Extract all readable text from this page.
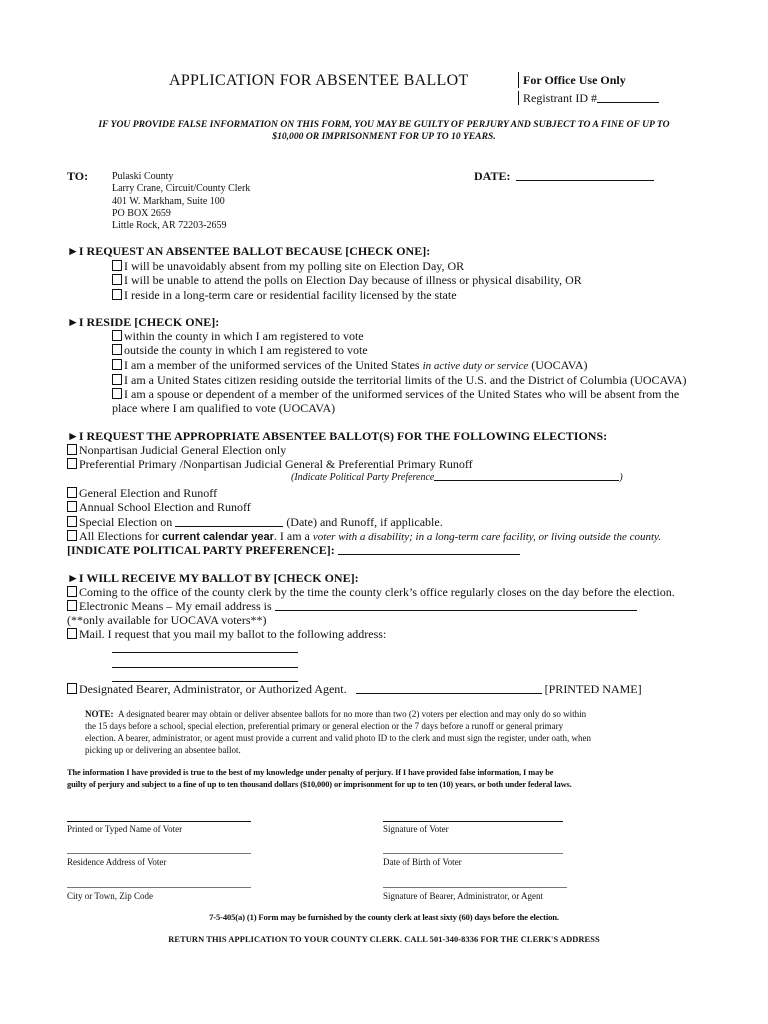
APPLICATION FOR ABSENTEE BALLOT	For Office Use Only
Registrant ID #
IF YOU PROVIDE FALSE INFORMATION ON THIS FORM, YOU MAY BE GUILTY OF PERJURY AND SUBJECT TO A FINE OF UP TO
$10,000 OR IMPRISONMENT FOR UP TO 10 YEARS.
TO: Pulaski County
Larry Crane, Circuit/County Clerk
401 W. Markham, Suite 100
PO BOX 2659
Little Rock, AR 72203-2659
DATE:
►I REQUEST AN ABSENTEE BALLOT BECAUSE [CHECK ONE]:
I will be unavoidably absent from my polling site on Election Day, OR
I will be unable to attend the polls on Election Day because of illness or physical disability, OR
I reside in a long-term care or residential facility licensed by the state
►I RESIDE [CHECK ONE]:
within the county in which I am registered to vote
outside the county in which I am registered to vote
I am a member of the uniformed services of the United States in active duty or service (UOCAVA)
I am a United States citizen residing outside the territorial limits of the U.S. and the District of Columbia (UOCAVA)
I am a spouse or dependent of a member of the uniformed services of the United States who will be absent from the
place where I am qualified to vote (UOCAVA)
►I REQUEST THE APPROPRIATE ABSENTEE BALLOT(S) FOR THE FOLLOWING ELECTIONS:
Nonpartisan Judicial General Election only
Preferential Primary /Nonpartisan Judicial General & Preferential Primary Runoff
(Indicate Political Party Preference	)
General Election and Runoff
Annual School Election and Runoff
Special Election on	(Date) and Runoff, if applicable.
All Elections for current calendar year. I am a voter with a disability; in a long-term care facility, or living outside the county.
[INDICATE POLITICAL PARTY PREFERENCE]:
►I WILL RECEIVE MY BALLOT BY [CHECK ONE]:
Coming to the office of the county clerk by the time the county clerk’s office regularly closes on the day before the election.
Electronic Means – My email address is
(**only available for UOCAVA voters**)
Mail. I request that you mail my ballot to the following address:
Designated Bearer, Administrator, or Authorized Agent.	[PRINTED NAME]
NOTE: A designated bearer may obtain or deliver absentee ballots for no more than two (2) voters per election and may only do so within
the 15 days before a school, special election, preferential primary or general election or the 7 days before a runoff or general primary
election. A bearer, administrator, or agent must provide a current and valid photo ID to the clerk and must sign the register, under oath, when
picking up or delivering an absentee ballot.
The information I have provided is true to the best of my knowledge under penalty of perjury. If I have provided false information, I may be
guilty of perjury and subject to a fine of up to ten thousand dollars ($10,000) or imprisonment for up to ten (10) years, or both under federal laws.
Printed or Typed Name of Voter	Signature of Voter
Residence Address of Voter	Date of Birth of Voter
City or Town, Zip Code	Signature of Bearer, Administrator, or Agent
7-5-405(a) (1) Form may be furnished by the county clerk at least sixty (60) days before the election.
RETURN THIS APPLICATION TO YOUR COUNTY CLERK. CALL 501-340-8336 FOR THE CLERK'S ADDRESS
